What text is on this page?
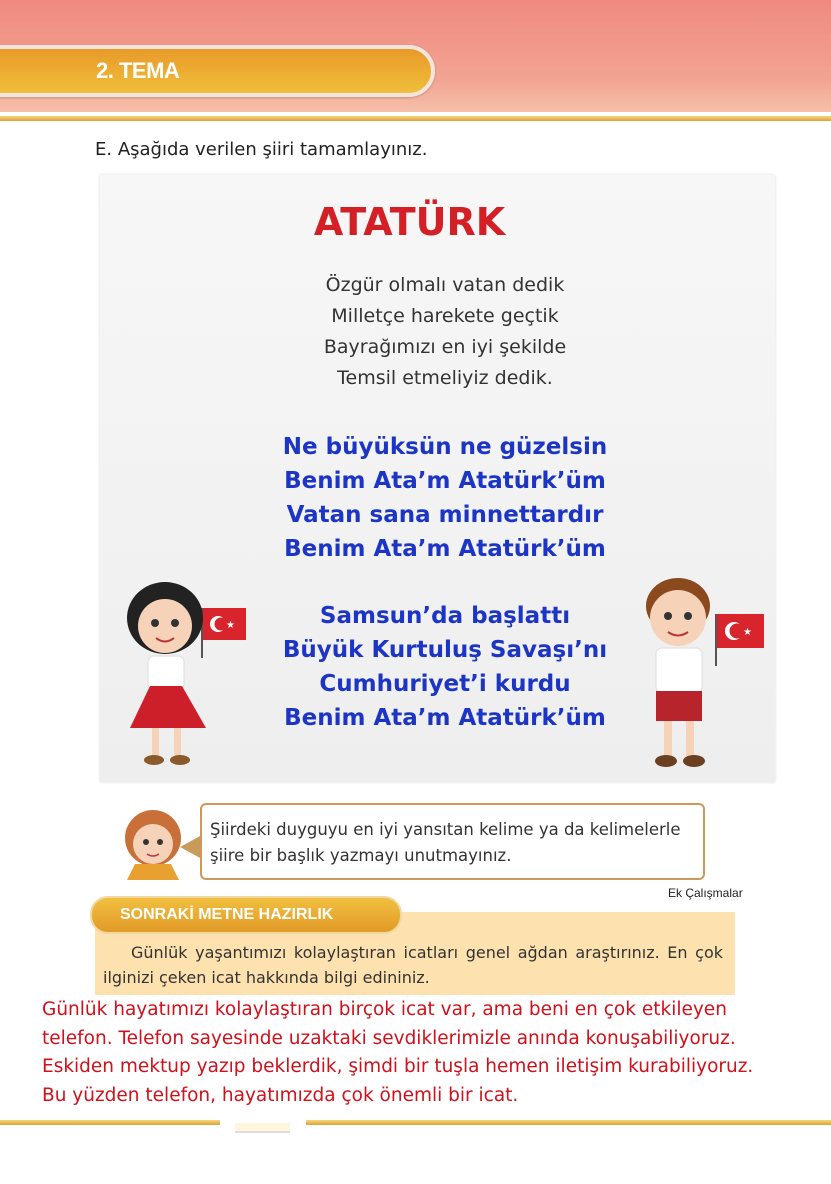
2. TEMA
E. Aşağıda verilen şiiri tamamlayınız.
ATATÜRK
Özgür olmalı vatan dedik
Milletçe harekete geçtik
Bayrağımızı en iyi şekilde
Temsil etmeliyiz dedik.
Ne büyüksün ne güzelsin
Benim Ata’m Atatürk’üm
Vatan sana minnettardır
Benim Ata’m Atatürk’üm
Samsun’da başlattı
Büyük Kurtuluş Savaşı’nı
Cumhuriyet’i kurdu
Benim Ata’m Atatürk’üm
★
★
Şiirdeki duyguyu en iyi yansıtan kelime ya da kelimelerle
şiire bir başlık yazmayı unutmayınız.
Ek Çalışmalar
Günlük yaşantımızı kolaylaştıran icatları genel ağdan araştırınız. En çok ilginizi çeken icat hakkında bilgi edininiz.
SONRAKİ METNE HAZIRLIK
Günlük hayatımızı kolaylaştıran birçok icat var, ama beni en çok etkileyen
telefon. Telefon sayesinde uzaktaki sevdiklerimizle anında konuşabiliyoruz.
Eskiden mektup yazıp beklerdik, şimdi bir tuşla hemen iletişim kurabiliyoruz.
Bu yüzden telefon, hayatımızda çok önemli bir icat.
